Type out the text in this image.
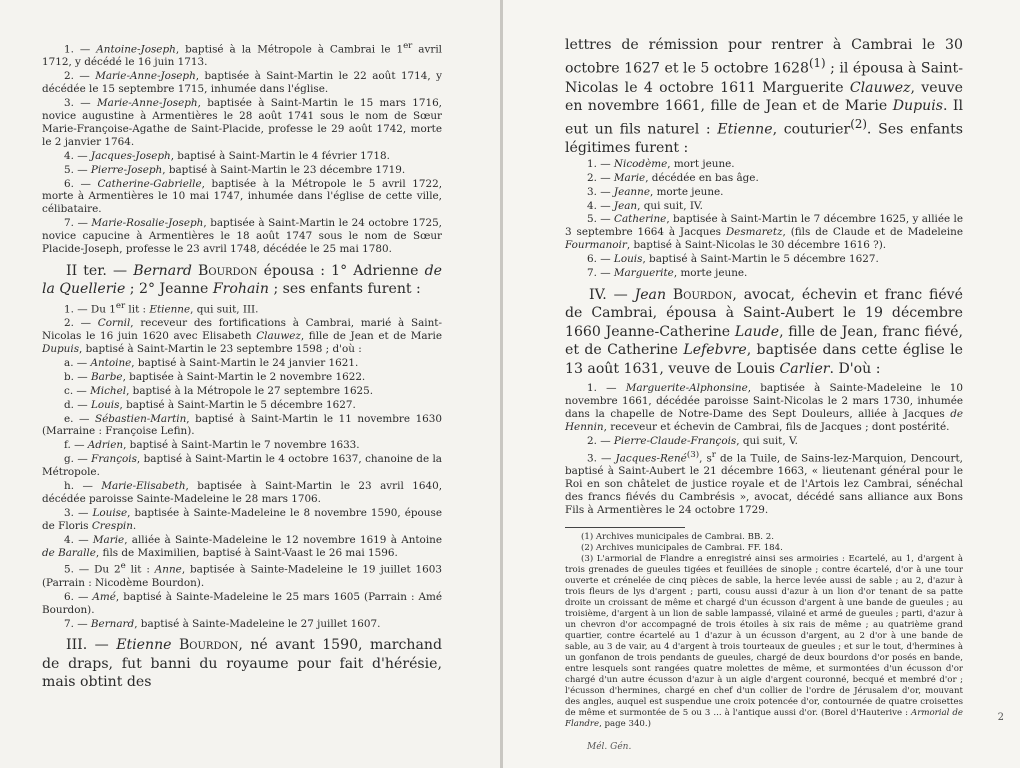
1. — Antoine-Joseph, baptisé à la Métropole à Cambrai le 1er avril 1712, y décédé le 16 juin 1713.

2. — Marie-Anne-Joseph, baptisée à Saint-Martin le 22 août 1714, y décédée le 15 septembre 1715, inhumée dans l'église.

3. — Marie-Anne-Joseph, baptisée à Saint-Martin le 15 mars 1716, novice augustine à Armentières le 28 août 1741 sous le nom de Sœur Marie-Françoise-Agathe de Saint-Placide, professe le 29 août 1742, morte le 2 janvier 1764.

4. — Jacques-Joseph, baptisé à Saint-Martin le 4 février 1718.

5. — Pierre-Joseph, baptisé à Saint-Martin le 23 décembre 1719.

6. — Catherine-Gabrielle, baptisée à la Métropole le 5 avril 1722, morte à Armentières le 10 mai 1747, inhumée dans l'église de cette ville, célibataire.

7. — Marie-Rosalie-Joseph, baptisée à Saint-Martin le 24 octobre 1725, novice capucine à Armentières le 18 août 1747 sous le nom de Sœur Placide-Joseph, professe le 23 avril 1748, décédée le 25 mai 1780.

II ter. — Bernard Bourdon épousa : 1° Adrienne de la Quellerie ; 2° Jeanne Frohain ; ses enfants furent :

1. — Du 1er lit : Etienne, qui suit, III.

2. — Cornil, receveur des fortifications à Cambrai, marié à Saint-Nicolas le 16 juin 1620 avec Elisabeth Clauwez, fille de Jean et de Marie Dupuis, baptisé à Saint-Martin le 23 septembre 1598 ; d'où :

a. — Antoine, baptisé à Saint-Martin le 24 janvier 1621.

b. — Barbe, baptisée à Saint-Martin le 2 novembre 1622.

c. — Michel, baptisé à la Métropole le 27 septembre 1625.

d. — Louis, baptisé à Saint-Martin le 5 décembre 1627.

e. — Sébastien-Martin, baptisé à Saint-Martin le 11 novembre 1630 (Marraine : Françoise Lefin).

f. — Adrien, baptisé à Saint-Martin le 7 novembre 1633.

g. — François, baptisé à Saint-Martin le 4 octobre 1637, chanoine de la Métropole.

h. — Marie-Elisabeth, baptisée à Saint-Martin le 23 avril 1640, décédée paroisse Sainte-Madeleine le 28 mars 1706.

3. — Louise, baptisée à Sainte-Madeleine le 8 novembre 1590, épouse de Floris Crespin.

4. — Marie, alliée à Sainte-Madeleine le 12 novembre 1619 à Antoine de Baralle, fils de Maximilien, baptisé à Saint-Vaast le 26 mai 1596.

5. — Du 2e lit : Anne, baptisée à Sainte-Madeleine le 19 juillet 1603 (Parrain : Nicodème Bourdon).

6. — Amé, baptisé à Sainte-Madeleine le 25 mars 1605 (Parrain : Amé Bourdon).

7. — Bernard, baptisé à Sainte-Madeleine le 27 juillet 1607.

III. — Etienne Bourdon, né avant 1590, marchand de draps, fut banni du royaume pour fait d'hérésie, mais obtint des

lettres de rémission pour rentrer à Cambrai le 30 octobre 1627 et le 5 octobre 1628$^{(1)}$ ; il épousa à Saint-Nicolas le 4 octobre 1611 Marguerite Clauwez, veuve en novembre 1661, fille de Jean et de Marie Dupuis. Il eut un fils naturel : Etienne, couturier$^{(2)}$. Ses enfants légitimes furent :

1. — Nicodème, mort jeune.

2. — Marie, décédée en bas âge.

3. — Jeanne, morte jeune.

4. — Jean, qui suit, IV.

5. — Catherine, baptisée à Saint-Martin le 7 décembre 1625, y alliée le 3 septembre 1664 à Jacques Desmaretz, (fils de Claude et de Madeleine Fourmanoir, baptisé à Saint-Nicolas le 30 décembre 1616 ?).

6. — Louis, baptisé à Saint-Martin le 5 décembre 1627.

7. — Marguerite, morte jeune.

IV. — Jean Bourdon, avocat, échevin et franc fiévé de Cambrai, épousa à Saint-Aubert le 19 décembre 1660 Jeanne-Catherine Laude, fille de Jean, franc fiévé, et de Catherine Lefebvre, baptisée dans cette église le 13 août 1631, veuve de Louis Carlier. D'où :

1. — Marguerite-Alphonsine, baptisée à Sainte-Madeleine le 10 novembre 1661, décédée paroisse Saint-Nicolas le 2 mars 1730, inhumée dans la chapelle de Notre-Dame des Sept Douleurs, alliée à Jacques de Hennin, receveur et échevin de Cambrai, fils de Jacques ; dont postérité.

2. — Pierre-Claude-François, qui suit, V.

3. — Jacques-René$^{(3)}$, $s^r$ de la Tuile, de Sains-lez-Marquion, Dencourt, baptisé à Saint-Aubert le 21 décembre 1663, « lieutenant général pour le Roi en son châtelet de justice royale et de l'Artois lez Cambrai, sénéchal des francs fiévés du Cambrésis », avocat, décédé sans alliance aux Bons Fils à Armentières le 24 octobre 1729.

(1) Archives municipales de Cambrai. BB. 2.

(2) Archives municipales de Cambrai. FF. 184.

(3) L'armorial de Flandre a enregistré ainsi ses armoiries : Ecartelé, au 1, d'argent à trois grenades de gueules tigées et feuillées de sinople ; contre écartelé, d'or à une tour ouverte et crénelée de cinq pièces de sable, la herce levée aussi de sable ; au 2, d'azur à trois fleurs de lys d'argent ; parti, cousu aussi d'azur à un lion d'or tenant de sa patte droite un croissant de même et chargé d'un écusson d'argent à une bande de gueules ; au troisième, d'argent à un lion de sable lampassé, vilainé et armé de gueules ; parti, d'azur à un chevron d'or accompagné de trois étoiles à six rais de même ; au quatrième grand quartier, contre écartelé au 1 d'azur à un écusson d'argent, au 2 d'or à une bande de sable, au 3 de vair, au 4 d'argent à trois tourteaux de gueules ; et sur le tout, d'hermines à un gonfanon de trois pendants de gueules, chargé de deux bourdons d'or posés en bande, entre lesquels sont rangées quatre molettes de même, et surmontées d'un écusson d'or chargé d'un autre écusson d'azur à un aigle d'argent couronné, becqué et membré d'or ; l'écusson d'hermines, chargé en chef d'un collier de l'ordre de Jérusalem d'or, mouvant des angles, auquel est suspendue une croix potencée d'or, contournée de quatre croisettes de même et surmontée de 5 ou 3 ... à l'antique aussi d'or. (Borel d'Hauterive : Armorial de Flandre, page 340.)

2
Mél. Gén.
